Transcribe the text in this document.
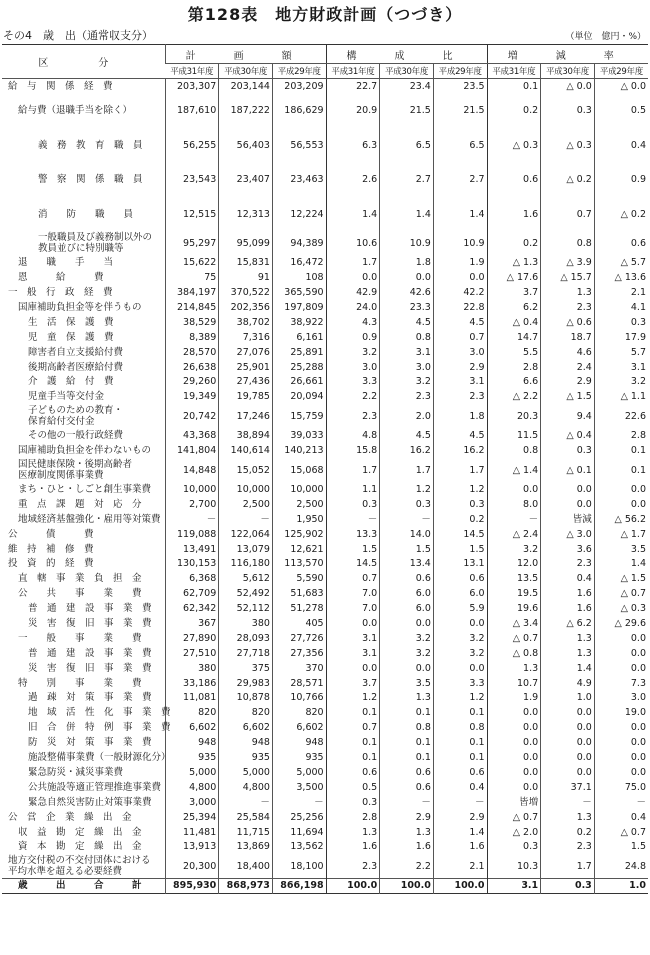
第128表　地方財政計画（つづき）
その4　歳　出（通常収支分）	（単位　億円・%）
区　分	計　画　額			構　成　比			増　減　率		
	平成31年度	平成30年度	平成29年度	平成31年度	平成30年度	平成29年度	平成31年度	平成30年度	平成29年度
給　与　関　係　経　費	203,307	203,144	203,209	22.7	23.4	23.5	0.1	△ 0.0	△ 0.0
給与費（退職手当を除く）	187,610	187,222	186,629	20.9	21.5	21.5	0.2	0.3	0.5
義　務　教　育　職　員	56,255	56,403	56,553	6.3	6.5	6.5	△ 0.3	△ 0.3	0.4
警　察　関　係　職　員	23,543	23,407	23,463	2.6	2.7	2.7	0.6	△ 0.2	0.9
消　　防　　職　　員	12,515	12,313	12,224	1.4	1.4	1.4	1.6	0.7	△ 0.2
一般職員及び義務制以外の
教員並びに特別職等	95,297	95,099	94,389	10.6	10.9	10.9	0.2	0.8	0.6
退　　職　　手　　当	15,622	15,831	16,472	1.7	1.8	1.9	△ 1.3	△ 3.9	△ 5.7
恩　　　給　　　費	75	91	108	0.0	0.0	0.0	△ 17.6	△ 15.7	△ 13.6
一　般　行　政　経　費	384,197	370,522	365,590	42.9	42.6	42.2	3.7	1.3	2.1
国庫補助負担金等を伴うもの	214,845	202,356	197,809	24.0	23.3	22.8	6.2	2.3	4.1
生　活　保　護　費	38,529	38,702	38,922	4.3	4.5	4.5	△ 0.4	△ 0.6	0.3
児　童　保　護　費	8,389	7,316	6,161	0.9	0.8	0.7	14.7	18.7	17.9
障害者自立支援給付費	28,570	27,076	25,891	3.2	3.1	3.0	5.5	4.6	5.7
後期高齢者医療給付費	26,638	25,901	25,288	3.0	3.0	2.9	2.8	2.4	3.1
介　護　給　付　費	29,260	27,436	26,661	3.3	3.2	3.1	6.6	2.9	3.2
児童手当等交付金	19,349	19,785	20,094	2.2	2.3	2.3	△ 2.2	△ 1.5	△ 1.1
子どものための教育・
保育給付交付金	20,742	17,246	15,759	2.3	2.0	1.8	20.3	9.4	22.6
その他の一般行政経費	43,368	38,894	39,033	4.8	4.5	4.5	11.5	△ 0.4	2.8
国庫補助負担金を伴わないもの	141,804	140,614	140,213	15.8	16.2	16.2	0.8	0.3	0.1
国民健康保険・後期高齢者
医療制度関係事業費	14,848	15,052	15,068	1.7	1.7	1.7	△ 1.4	△ 0.1	0.1
まち・ひと・しごと創生事業費	10,000	10,000	10,000	1.1	1.2	1.2	0.0	0.0	0.0
重　点　課　題　対　応　分	2,700	2,500	2,500	0.3	0.3	0.3	8.0	0.0	0.0
地域経済基盤強化・雇用等対策費	－	－	1,950	－	－	0.2	－	皆減	△ 56.2
公　　　債　　　費	119,088	122,064	125,902	13.3	14.0	14.5	△ 2.4	△ 3.0	△ 1.7
維　持　補　修　費	13,491	13,079	12,621	1.5	1.5	1.5	3.2	3.6	3.5
投　資　的　経　費	130,153	116,180	113,570	14.5	13.4	13.1	12.0	2.3	1.4
直　轄　事　業　負　担　金	6,368	5,612	5,590	0.7	0.6	0.6	13.5	0.4	△ 1.5
公　　共　　事　　業　　費	62,709	52,492	51,683	7.0	6.0	6.0	19.5	1.6	△ 0.7
普　通　建　設　事　業　費	62,342	52,112	51,278	7.0	6.0	5.9	19.6	1.6	△ 0.3
災　害　復　旧　事　業　費	367	380	405	0.0	0.0	0.0	△ 3.4	△ 6.2	△ 29.6
一　　般　　事　　業　　費	27,890	28,093	27,726	3.1	3.2	3.2	△ 0.7	1.3	0.0
普　通　建　設　事　業　費	27,510	27,718	27,356	3.1	3.2	3.2	△ 0.8	1.3	0.0
災　害　復　旧　事　業　費	380	375	370	0.0	0.0	0.0	1.3	1.4	0.0
特　　別　　事　　業　　費	33,186	29,983	28,571	3.7	3.5	3.3	10.7	4.9	7.3
過　疎　対　策　事　業　費	11,081	10,878	10,766	1.2	1.3	1.2	1.9	1.0	3.0
地　域　活　性　化　事　業　費	820	820	820	0.1	0.1	0.1	0.0	0.0	19.0
旧　合　併　特　例　事　業　費	6,602	6,602	6,602	0.7	0.8	0.8	0.0	0.0	0.0
防　災　対　策　事　業　費	948	948	948	0.1	0.1	0.1	0.0	0.0	0.0
施設整備事業費（一般財源化分）	935	935	935	0.1	0.1	0.1	0.0	0.0	0.0
緊急防災・減災事業費	5,000	5,000	5,000	0.6	0.6	0.6	0.0	0.0	0.0
公共施設等適正管理推進事業費	4,800	4,800	3,500	0.5	0.6	0.4	0.0	37.1	75.0
緊急自然災害防止対策事業費	3,000	－	－	0.3	－	－	皆増	－	－
公　営　企　業　繰　出　金	25,394	25,584	25,256	2.8	2.9	2.9	△ 0.7	1.3	0.4
収　益　勘　定　繰　出　金	11,481	11,715	11,694	1.3	1.3	1.4	△ 2.0	0.2	△ 0.7
資　本　勘　定　繰　出　金	13,913	13,869	13,562	1.6	1.6	1.6	0.3	2.3	1.5
地方交付税の不交付団体における
平均水準を超える必要経費	20,300	18,400	18,100	2.3	2.2	2.1	10.3	1.7	24.8
歳　　　出　　　合　　　計	895,930	868,973	866,198	100.0	100.0	100.0	3.1	0.3	1.0
